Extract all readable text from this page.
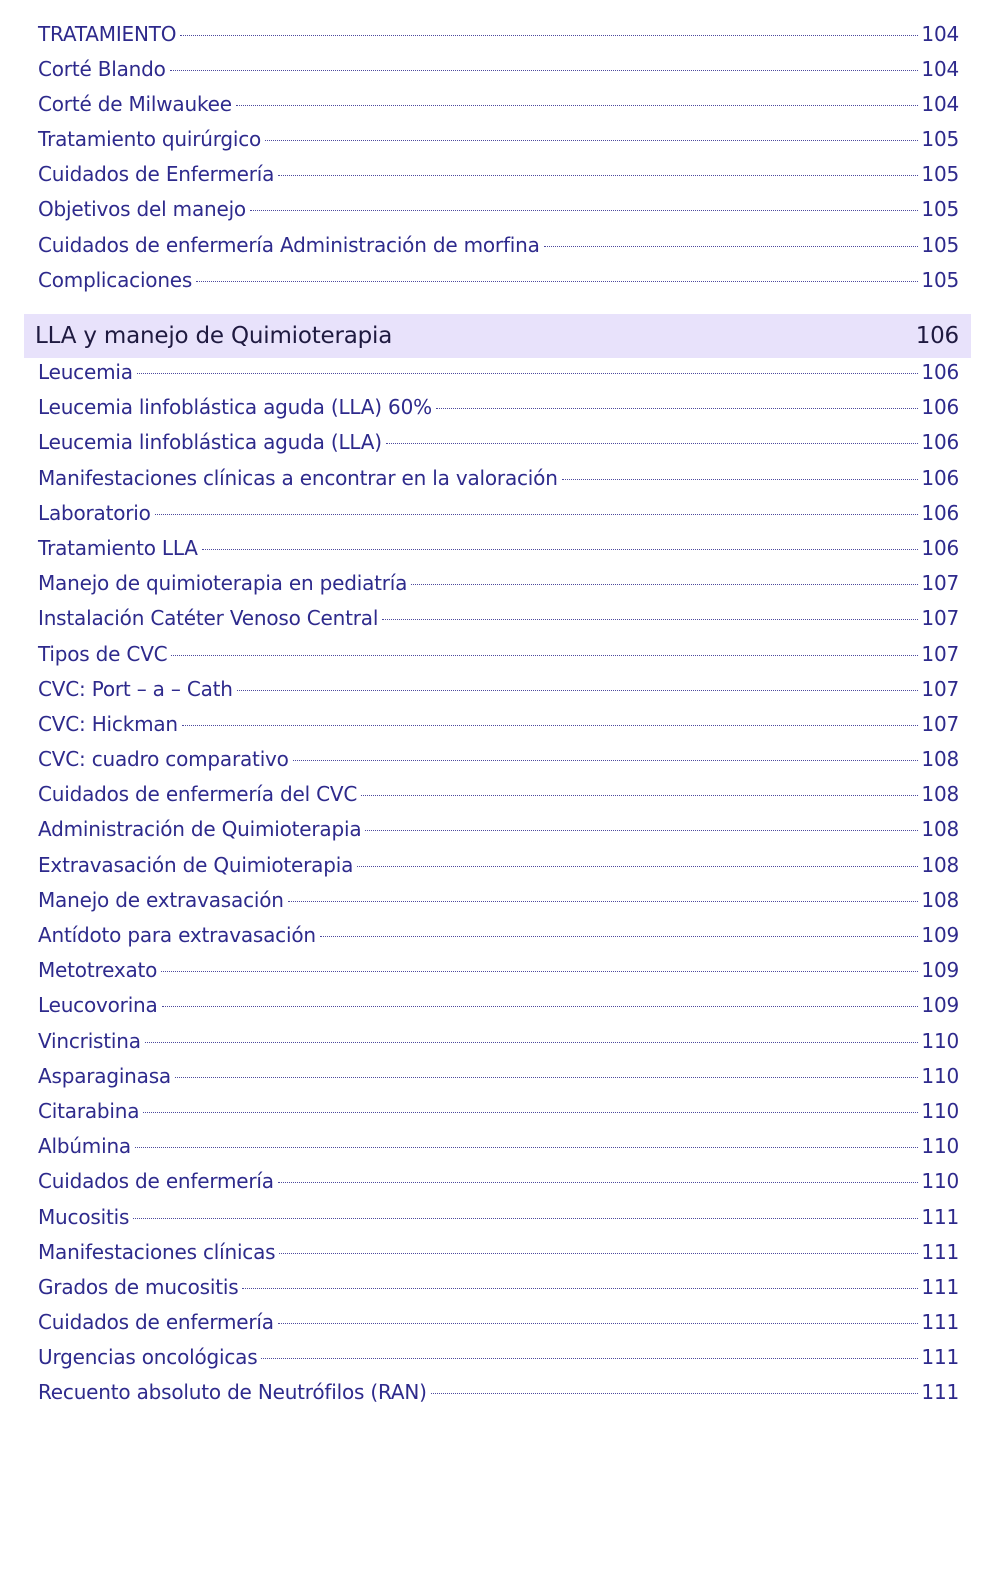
TRATAMIENTO	104
Corté Blando	104
Corté de Milwaukee	104
Tratamiento quirúrgico	105
Cuidados de Enfermería	105
Objetivos del manejo	105
Cuidados de enfermería Administración de morfina	105
Complicaciones	105
LLA y manejo de Quimioterapia	106
Leucemia	106
Leucemia linfoblástica aguda (LLA) 60%	106
Leucemia linfoblástica aguda (LLA)	106
Manifestaciones clínicas a encontrar en la valoración	106
Laboratorio	106
Tratamiento LLA	106
Manejo de quimioterapia en pediatría	107
Instalación Catéter Venoso Central	107
Tipos de CVC	107
CVC: Port – a – Cath	107
CVC: Hickman	107
CVC: cuadro comparativo	108
Cuidados de enfermería del CVC	108
Administración de Quimioterapia	108
Extravasación de Quimioterapia	108
Manejo de extravasación	108
Antídoto para extravasación	109
Metotrexato	109
Leucovorina	109
Vincristina	110
Asparaginasa	110
Citarabina	110
Albúmina	110
Cuidados de enfermería	110
Mucositis	111
Manifestaciones clínicas	111
Grados de mucositis	111
Cuidados de enfermería	111
Urgencias oncológicas	111
Recuento absoluto de Neutrófilos (RAN)	111
